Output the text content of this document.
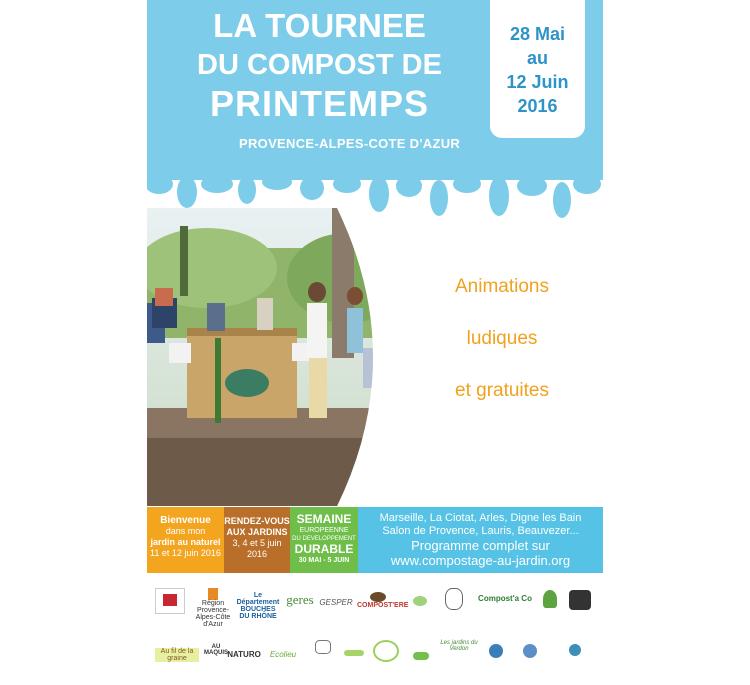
LA TOURNEE
DU COMPOST DE
PRINTEMPS
PROVENCE-ALPES-COTE D'AZUR
28 Mai
au
12 Juin
2016
Animations
ludiques
et gratuites
Bienvenue
dans mon
jardin au naturel
11 et 12 juin 2016
RENDEZ-VOUS
AUX JARDINS
3, 4 et 5 juin
2016
SEMAINE
EUROPEENNE
DU DEVELOPPEMENT
DURABLE
30 MAI - 5 JUIN
Marseille, La Ciotat, Arles, Digne les Bain
Salon de Provence, Lauris, Beauvezer...
Programme complet sur
www.compostage-au-jardin.org
Région Provence-Alpes-Côte d'Azur
Le Département BOUCHES DU RHÔNE
geres GESPER COMPOST'ERE
Compost'a Co
Au fil de la graine
AU MAQUIS NATURO	Ecolieu
Les jardins du Verdon
